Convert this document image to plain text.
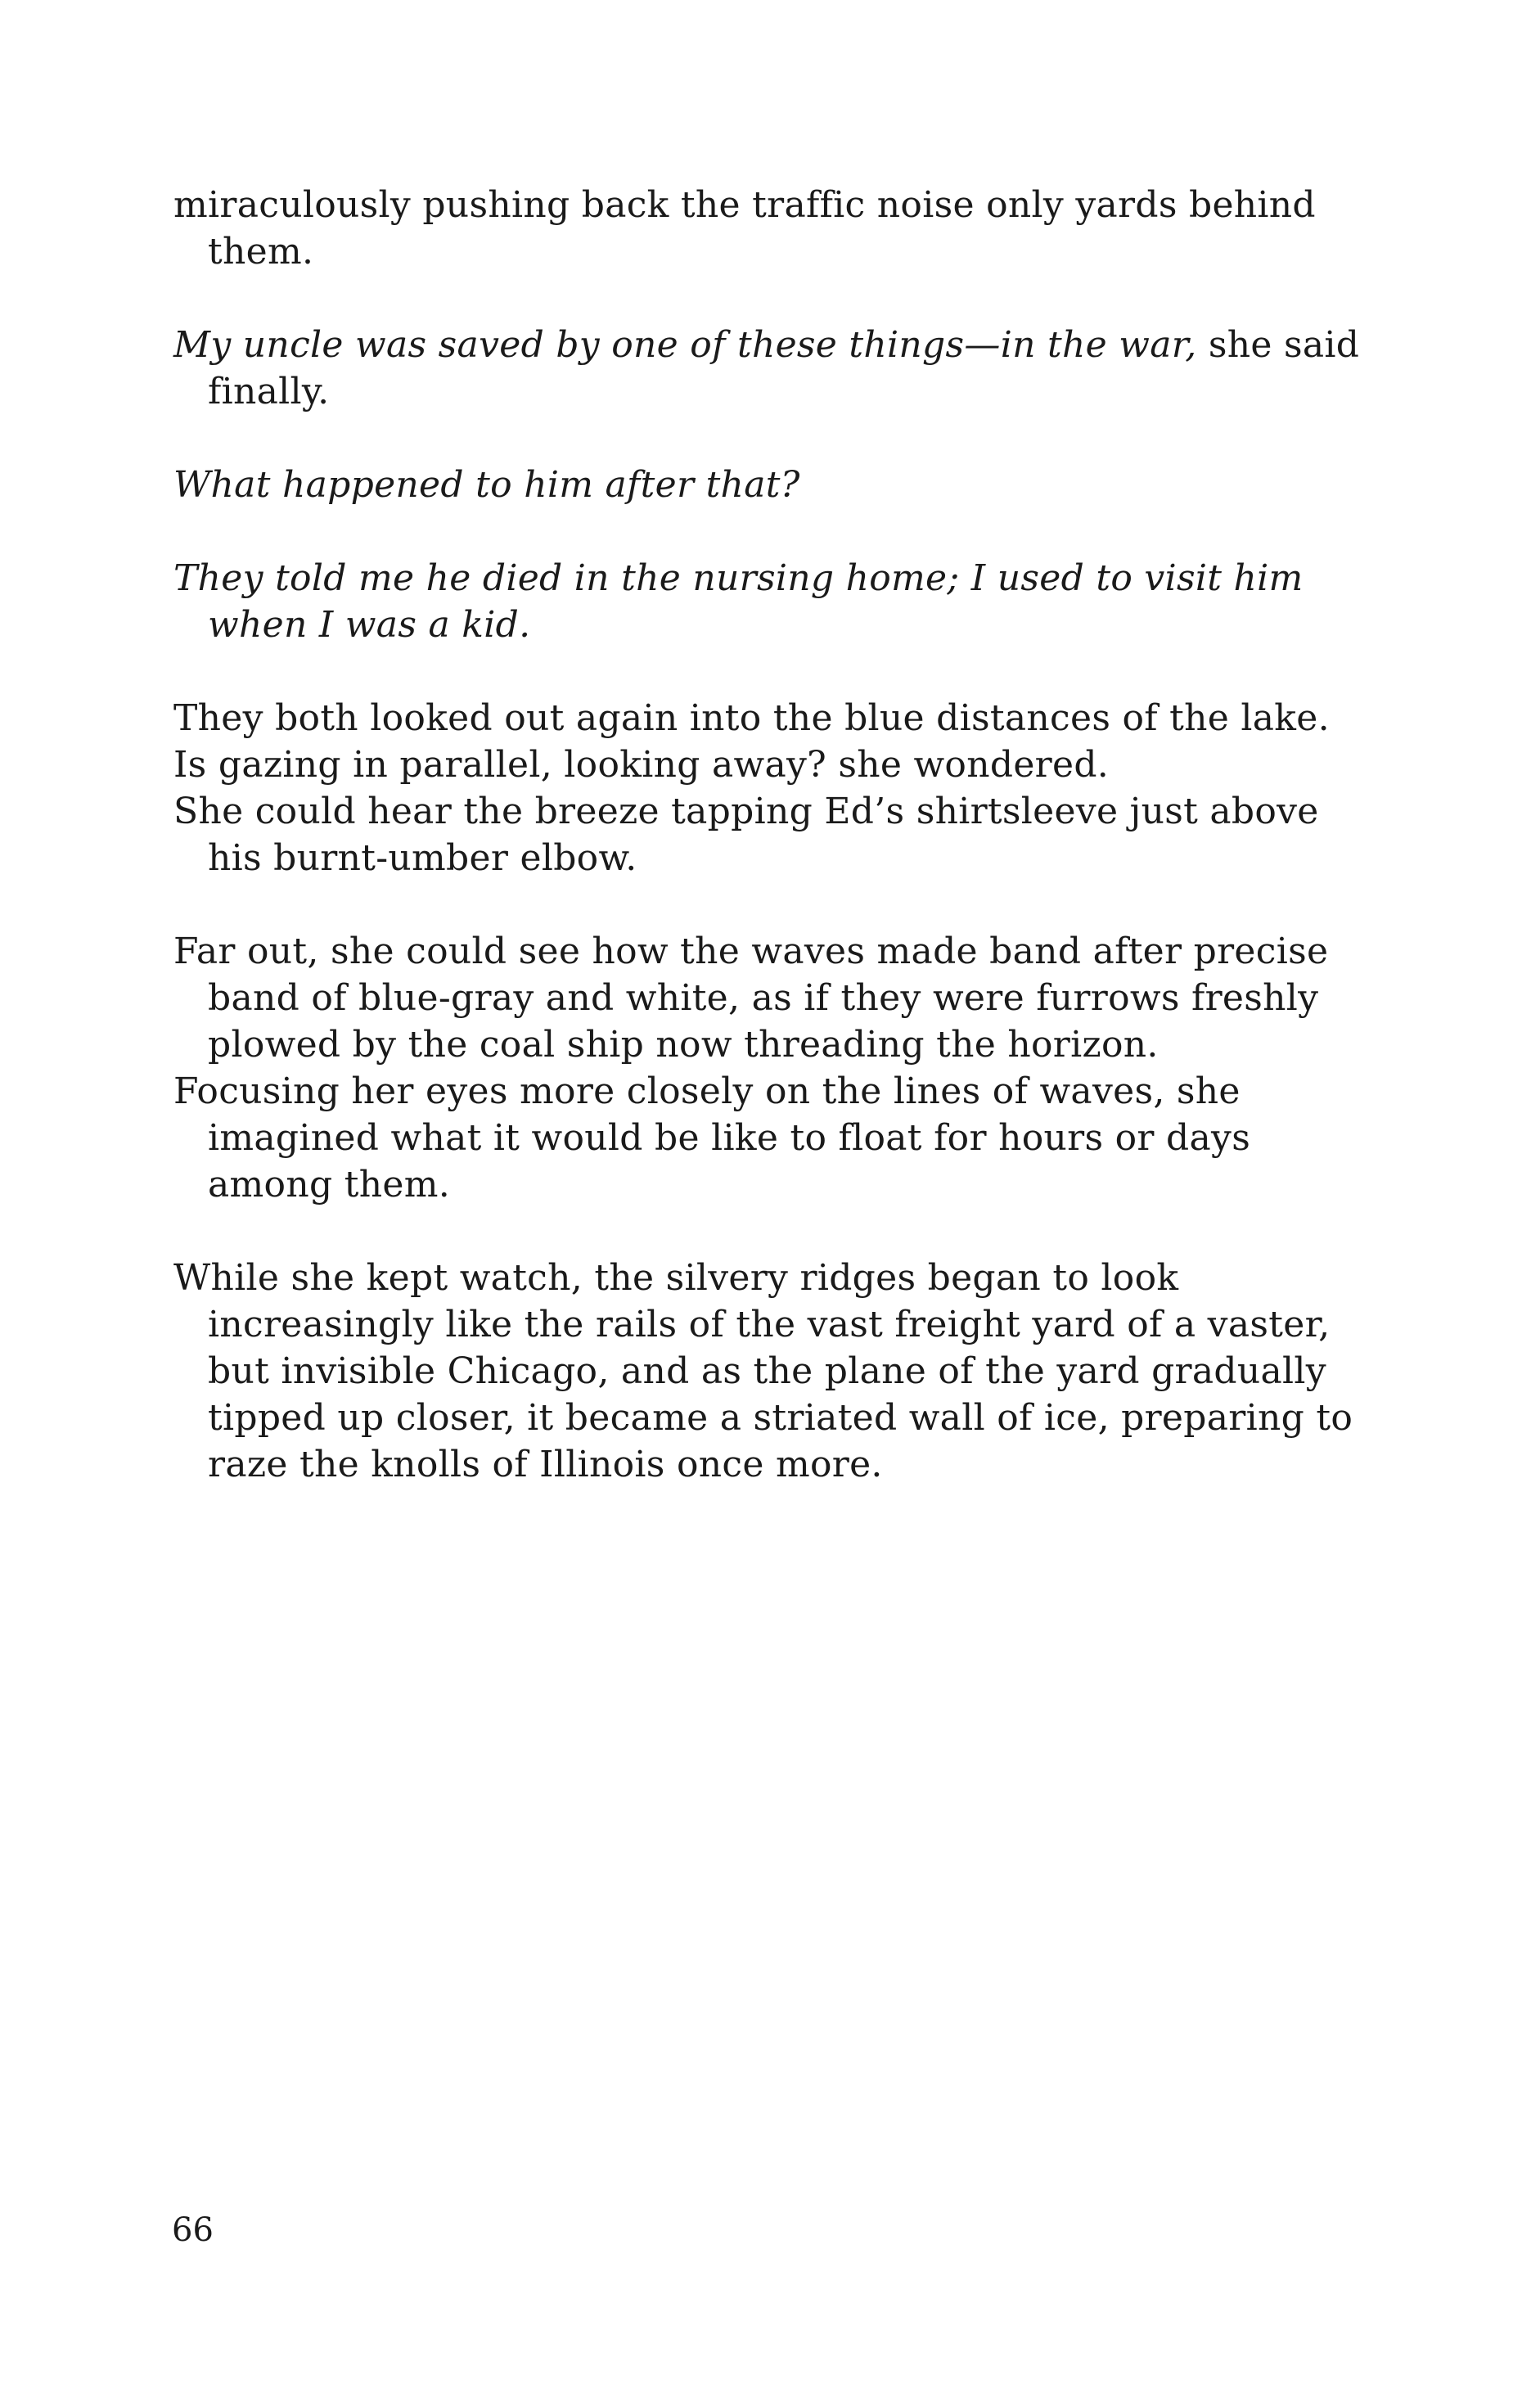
miraculously pushing back the traffic noise only yards behind them.

My uncle was saved by one of these things—in the war, she said finally.

What happened to him after that?

They told me he died in the nursing home; I used to visit him when I was a kid.

They both looked out again into the blue distances of the lake.

Is gazing in parallel, looking away? she wondered.

She could hear the breeze tapping Ed’s shirtsleeve just above his burnt-umber elbow.

Far out, she could see how the waves made band after precise band of blue-gray and white, as if they were furrows freshly plowed by the coal ship now threading the horizon.

Focusing her eyes more closely on the lines of waves, she imagined what it would be like to float for hours or days among them.

While she kept watch, the silvery ridges began to look increasingly like the rails of the vast freight yard of a vaster, but invisible Chicago, and as the plane of the yard gradually tipped up closer, it became a striated wall of ice, preparing to raze the knolls of Illinois once more.

66
